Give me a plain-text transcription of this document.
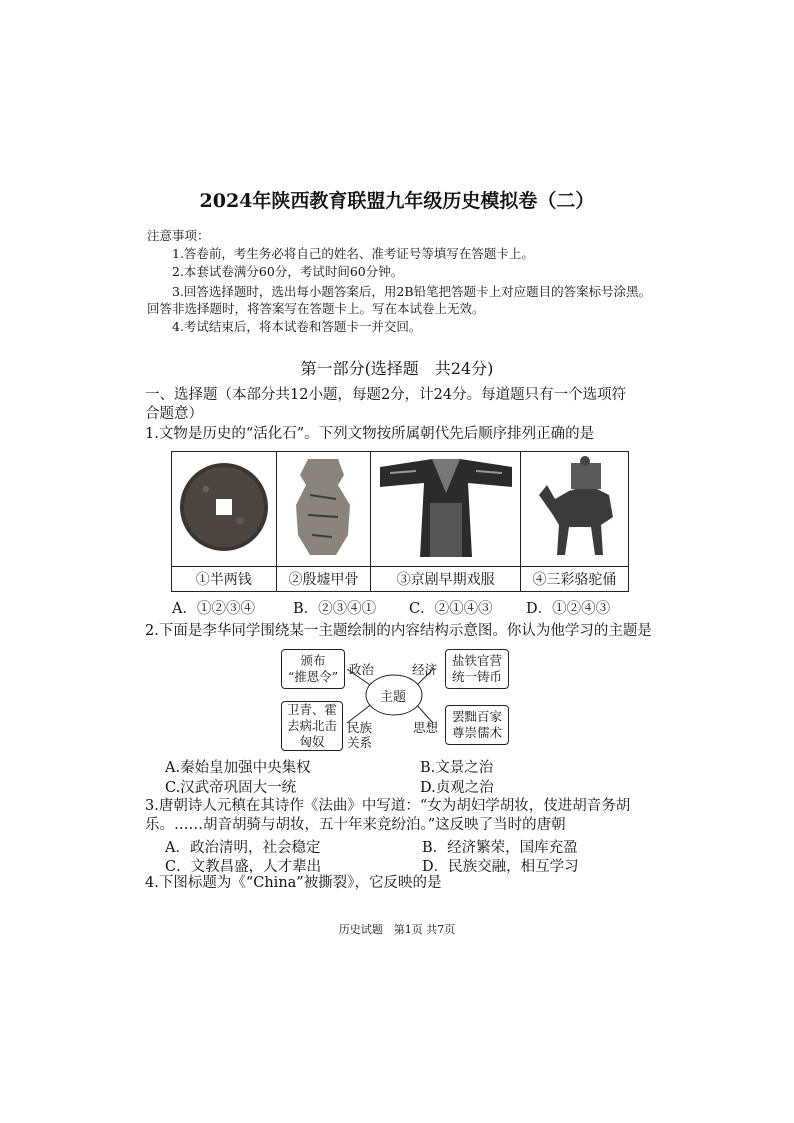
2024年陕西教育联盟九年级历史模拟卷（二）
注意事项：
1.答卷前，考生务必将自己的姓名、准考证号等填写在答题卡上。
2.本套试卷满分60分，考试时间60分钟。
3.回答选择题时，选出每小题答案后，用2B铅笔把答题卡上对应题目的答案标号涂黑。
回答非选择题时，将答案写在答题卡上。写在本试卷上无效。
4.考试结束后，将本试卷和答题卡一并交回。
第一部分(选择题　共24分)
一、选择题（本部分共12小题，每题2分，计24分。每道题只有一个选项符
合题意）
1.文物是历史的“活化石”。下列文物按所属朝代先后顺序排列正确的是

①半两钱	②殷墟甲骨	③京剧早期戏服	④三彩骆驼俑
A．①②③④	B．②③④① C．②①④③ D．①②④③
2.下面是李华同学围绕某一主题绘制的内容结构示意图。你认为他学习的主题是
主题
颁布
“推恩令”
盐铁官营
统一铸币
卫青、霍
去病北击
匈奴
罢黜百家
尊崇儒术
政治	经济
民族
关系
思想
A.秦始皇加强中央集权	B.文景之治
C.汉武帝巩固大一统	D.贞观之治
3.唐朝诗人元稹在其诗作《法曲》中写道：“女为胡妇学胡妆，伎进胡音务胡
乐。……胡音胡骑与胡妆，五十年来竞纷泊。”这反映了当时的唐朝
A．政治清明，社会稳定	B．经济繁荣，国库充盈
C．文教昌盛，人才辈出	D．民族交融，相互学习
4.下图标题为《“China”被撕裂》，它反映的是
历史试题　第1页 共7页
